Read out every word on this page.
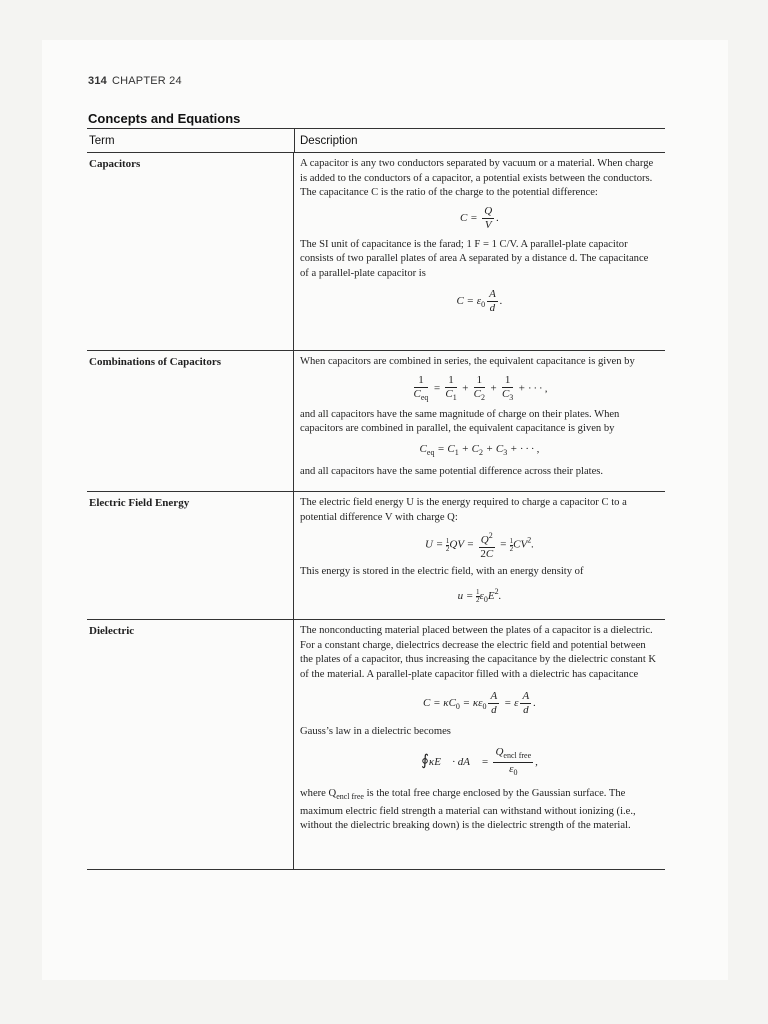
314 CHAPTER 24
Concepts and Equations
Term	Description
Capacitors	A capacitor is any two conductors separated by vacuum or a material. When charge is added to the conductors of a capacitor, a potential exists between the conductors. The capacitance C is the ratio of the charge to the potential difference:

$C = \frac{Q}{V}$ .

The SI unit of capacitance is the farad; 1 F = 1 C/V. A parallel-plate capacitor consists of two parallel plates of area A separated by a distance d. The capacitance of a parallel-plate capacitor is

$C = \varepsilon_0 \frac{A}{d}$ .
Combinations of Capacitors	When capacitors are combined in series, the equivalent capacitance is given by

$\frac{1}{C_{eq}} = \frac{1}{C_1} + \frac{1}{C_2} + \frac{1}{C_3}$ + · · · ,

and all capacitors have the same magnitude of charge on their plates. When capacitors are combined in parallel, the equivalent capacitance is given by

$C_{eq} = C_1 + C_2 + C_3$ + · · · ,

and all capacitors have the same potential difference across their plates.

Electric Field Energy	The electric field energy U is the energy required to charge a capacitor C to a potential difference V with charge Q:

$U = \frac{1}{2}$ QV = $\frac{Q^2}{2C} = \frac{1}{2} CV^2$.

This energy is stored in the electric field, with an energy density of

$u = \frac{1}{2} \varepsilon_0E^2$.
Dielectric	The nonconducting material placed between the plates of a capacitor is a dielectric. For a constant charge, dielectrics decrease the electric field and potential between the plates of a capacitor, thus increasing the capacitance by the dielectric constant K of the material. A parallel-plate capacitor filled with a dielectric has capacitance

$C = \kappa C_0 = \kappa\varepsilon_0 \frac{A}{d} = \varepsilon \frac{A}{d}$ .

Gauss’s law in a dielectric becomes

∮κE⃗ · dA⃗ = $\frac{Q_{encl free}}{\varepsilon_0}$ ,

where $Q_{encl free}$ is the total free charge enclosed by the Gaussian surface. The maximum electric field strength a material can withstand without ionizing (i.e., without the dielectric breaking down) is the dielectric strength of the material.
